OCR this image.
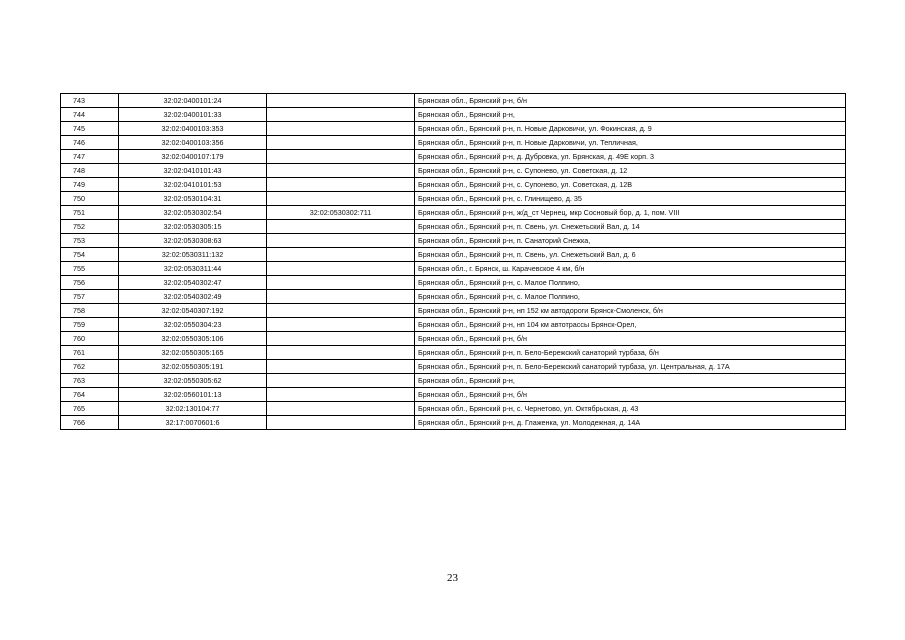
743	32:02:0400101:24		Брянская обл., Брянский р-н, б/н
744	32:02:0400101:33		Брянская обл., Брянский р-н,
745	32:02:0400103:353		Брянская обл., Брянский р-н, п. Новые Дарковичи, ул. Фокинская, д. 9
746	32:02:0400103:356		Брянская обл., Брянский р-н, п. Новые Дарковичи, ул. Тепличная,
747	32:02:0400107:179		Брянская обл., Брянский р-н, д. Дубровка, ул. Брянская, д. 49Е корп. 3
748	32:02:0410101:43		Брянская обл., Брянский р-н, с. Супонево, ул. Советская, д. 12
749	32:02:0410101:53		Брянская обл., Брянский р-н, с. Супонево, ул. Советская, д. 12В
750	32:02:0530104:31		Брянская обл., Брянский р-н, с. Глинищево, д. 35
751	32:02:0530302:54	32:02:0530302:711	Брянская обл., Брянский р-н, ж/д_ст Чернец, мкр Сосновый бор, д. 1, пом. VIII
752	32:02:0530305:15		Брянская обл., Брянский р-н, п. Свень, ул. Снежетьский Вал, д. 14
753	32:02:0530308:63		Брянская обл., Брянский р-н, п. Санаторий Снежка,
754	32:02:0530311:132		Брянская обл., Брянский р-н, п. Свень, ул. Снежетьский Вал, д. 6
755	32:02:0530311:44		Брянская обл., г. Брянск, ш. Карачевское 4 км, б/н
756	32:02:0540302:47		Брянская обл., Брянский р-н, с. Малое Полпино,
757	32:02:0540302:49		Брянская обл., Брянский р-н, с. Малое Полпино,
758	32:02:0540307:192		Брянская обл., Брянский р-н, нп 152 км автодороги Брянск-Смоленск, б/н
759	32:02:0550304:23		Брянская обл., Брянский р-н, нп 104 км автотрассы Брянск-Орел,
760	32:02:0550305:106		Брянская обл., Брянский р-н, б/н
761	32:02:0550305:165		Брянская обл., Брянский р-н, п. Бело-Бережский санаторий турбаза, б/н
762	32:02:0550305:191		Брянская обл., Брянский р-н, п. Бело-Бережский санаторий турбаза, ул. Центральная, д. 17А
763	32:02:0550305:62		Брянская обл., Брянский р-н,
764	32:02:0560101:13		Брянская обл., Брянский р-н, б/н
765	32:02:130104:77		Брянская обл., Брянский р-н, с. Чернетово, ул. Октябрьская, д. 43
766	32:17:0070601:6		Брянская обл., Брянский р-н, д. Глаженка, ул. Молодежная, д. 14А
23
